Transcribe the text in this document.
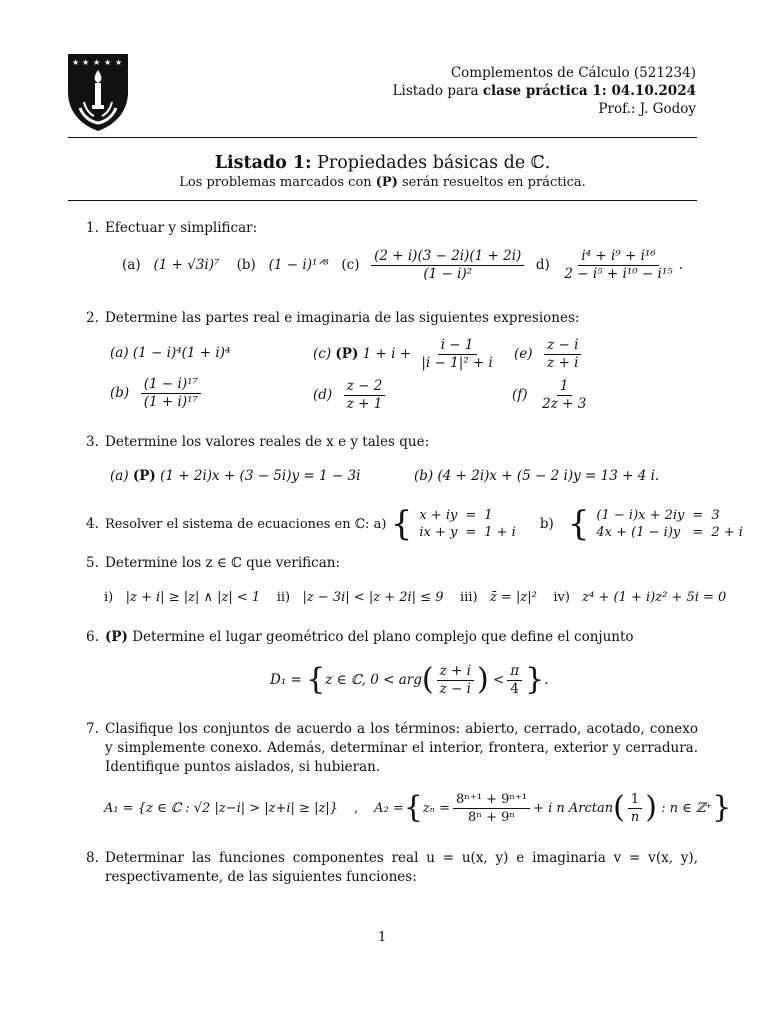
★ ★ ★ ★ ★
Complementos de Cálculo (521234)
Listado para clase práctica 1: 04.10.2024
Prof.: J. Godoy
Listado 1: Propiedades básicas de ℂ.
Los problemas marcados con (P) serán resueltos en práctica.
1. Efectuar y simplificar:
(a) (1 + √3i)⁷ (b) (1 − i)¹ᐟ⁸ $(c) \frac{(2 + i)(3 - 2i)(1 + 2i)}{\text{(1 − i)²}} d) \frac{\text{i⁴ + i⁹ + i¹⁶}}{\text{2 − i⁵ + i¹⁰ − i¹⁵}}$ .
2. Determine las partes real e imaginaria de las siguientes expresiones:
(a) (1 − i)⁴(1 + i)⁴	(c) (P) $1 + i + \frac{i - 1}{\text{|i − 1|² + i}} (e) \frac{z - i}{z + i}$
$(b) \frac{\text{(1 − i)¹⁷}}{\text{(1 + i)¹⁷}}$	$(d) \frac{z - 2}{z + 1}$	$(f) \frac{1}{2z + 3}$
3. Determine los valores reales de x e y tales que:
(a) (P) (1 + 2i)x + (3 − 5i)y = 1 − 3i	(b) (4 + 2i)x + (5 − 2 i)y = 13 + 4 i.
4. Resolver el sistema de ecuaciones en ℂ: a)
{ x + iy	=	1
ix + y	=	1 + i
b) { (1 − i)x + 2iy	=	3
4x + (1 − i)y	=	2 + i
5. Determine los z ∈ ℂ que verifican:
i) |z + i| ≥ |z| ∧ |z| < 1 ii) |z − 3i| < |z + 2i| ≤ 9 iii) z̄ = |z|² iv) z⁴ + (1 + i)z² + 5i = 0
6. (P) Determine el lugar geométrico del plano complejo que define el conjunto
D₁ =
{ z ∈ ℂ, 0 < arg ( $\frac{z + i}{z - i}$ )
< $\frac{\pi}{4}$ } .
7. Clasifique los conjuntos de acuerdo a los términos: abierto, cerrado, acotado, conexo y simplemente conexo. Además, determinar el interior, frontera, exterior y cerradura. Identifique puntos aislados, si hubieran.
A₁ = {z ∈ ℂ : √2 |z−i| > |z+i| ≥ |z|} , A₂ = { $z_n = \frac{\text{8ⁿ⁺¹ + 9ⁿ⁺¹}}{\text{8ⁿ + 9ⁿ}} + i$ n Arctan ( $\frac{1}{n}$ )
: n ∈ ℤ⁺ }
8. Determinar las funciones componentes real u = u(x, y) e imaginaria v = v(x, y), respectivamente, de las siguientes funciones:
1
